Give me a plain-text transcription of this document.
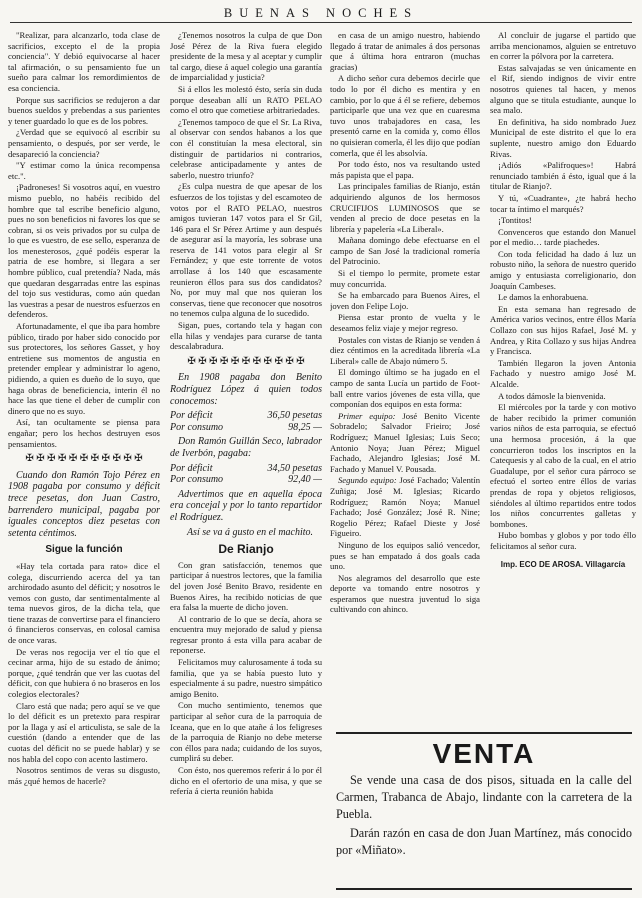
BUENAS NOCHES

"Realizar, para alcanzarlo, toda clase de sacrificios, excepto el de la propia conciencia". Y debió equivocarse al hacer tal afirmación, o su pensamiento fue un sueño para calmar los remordimientos de esa conciencia.

Porque sus sacrificios se redujeron a dar buenos sueldos y prebendas a sus parientes y tener guardado lo que es de los pobres.

¿Verdad que se equivocó al escribir su pensamiento, o después, por ser verde, le desapareció la conciencia?

"Y estimar como la única recompensa etc.".

¡Padroneses! Si vosotros aquí, en vuestro mismo pueblo, no habéis recibido del hombre que tal escribe beneficio alguno, pues no son beneficios ni favores los que se cobran, si os veis privados por su culpa de lo que es vuestro, de ese sello, esperanza de los menesterosos, ¿qué podéis esperar la patria de ese hombre, si llegara a ser hombre público, cual pretendía? Nada, más que quedaran desgarradas entre las espinas del tojo sus vestiduras, como aún quedan las vuestras a pesar de nuestros esfuerzos en defenderos.

Afortunadamente, el que iba para hombre público, tirado por haber sido conocido por sus protectores, los señores Gasset, y hoy entretiene sus momentos de angustia en pretender emplear y administrar lo ageno, pidiendo, a quien es dueño de lo suyo, que haga obras de beneficiencia, interin él no hace las que tiene el deber de cumplir con dinero que no es suyo.

Así, tan ocultamente se piensa para engañar; pero los hechos destruyen esos pensamientos.

✠ ✠ ✠ ✠ ✠ ✠ ✠ ✠ ✠ ✠ ✠

Cuando don Ramón Tojo Pérez en 1908 pagaba por consumo y déficit trece pesetas, don Juan Castro, barrendero municipal, pagaba por iguales conceptos diez pesetas con setenta céntimos.

Sigue la función

«Hay tela cortada para rato» dice el colega, discurriendo acerca del ya tan archirodado asunto del déficit; y nosotros le vemos con gusto, dar sentimentalmente al tema nuevos giros, de la dicha tela, que tiene trazas de convertirse para el financiero ó financieros conservas, en colosal camisa de once varas.

De veras nos regocija ver el tío que el cecinar arma, hijo de su estado de ánimo; porque, ¿qué tendrán que ver las cuotas del déficit, con que hubiera ó no braseros en los colegios electorales?

Claro está que nada; pero aquí se ve que lo del déficit es un pretexto para respirar por la llaga y así el articulista, se sale de la cuestión (dando a entender que de las cuotas del déficit no se puede hablar) y se nos habla del copo con acento lastimero.

Nosotros sentimos de veras su disgusto, más ¿qué hemos de hacerle?

¿Tenemos nosotros la culpa de que Don José Pérez de la Riva fuera elegido presidente de la mesa y al aceptar y cumplir tal cargo, diese á aquel colegio una garantía de imparcialidad y justicia?

Si á ellos les molestó ésto, sería sin duda porque deseaban allí un RATO PELAO como el otro que cometiese arbitrariedades.

¿Tenemos tampoco de que el Sr. La Riva, al observar con sendos habanos a los que con él constituían la mesa electoral, sin distinguir de partidarios ni contrarios, celebrase anticipadamente y antes de saberlo, nuestro triunfo?

¿Es culpa nuestra de que apesar de los esfuerzos de los tojistas y del escamoteo de votos por el RATO PELAO, nuestros amigos tuvieran 147 votos para el Sr Gil, 146 para el Sr Pérez Artime y aun después de asegurar así la mayoría, les sobrase una reserva de 141 votos para elegir al Sr Fernández; y que este torrente de votos arrollase á los 140 que escasamente reunieron éllos para sus dos candidatos? No, por muy mal que nos quieran los conservas, tiene que reconocer que nosotros no tenemos culpa alguna de lo sucedido.

Sigan, pues, cortando tela y hagan con ella hilas y vendajes para curarse de tanta descalabradura.

✠ ✠ ✠ ✠ ✠ ✠ ✠ ✠ ✠ ✠ ✠

En 1908 pagaba don Benito Rodríguez López á quien todos conocemos:

Por déficit	36,50 pesetas
Por consumo	98,25 —

Don Ramón Guillán Seco, labrador de Iverbón, pagaba:

Por déficit	34,50 pesetas
Por consumo	92,40 —

Advertimos que en aquella época era concejal y por lo tanto repartidor el Rodríguez.

Así se va á gusto en el machito.

De Rianjo

Con gran satisfacción, tenemos que participar á nuestros lectores, que la familia del joven José Benito Bravo, residente en Buenos Aires, ha recibido noticias de que era falsa la muerte de dicho joven.

Al contrario de lo que se decía, ahora se encuentra muy mejorado de salud y piensa regresar pronto á esta villa para acabar de reponerse.

Felicitamos muy calurosamente á toda su familia, que ya se había puesto luto y especialmente á su padre, nuestro simpático amigo Benito.

Con mucho sentimiento, tenemos que participar al señor cura de la parroquia de Iceana, que en lo que atañe á los feligreses de la parroquia de Rianjo no debe meterse con éllos para nada; cuidando de los suyos, cumplirá su deber.

Con ésto, nos queremos referir á lo por él dicho en el ofertorio de una misa, y que se refería á cierta reunión habida

en casa de un amigo nuestro, habiendo llegado á tratar de animales á dos personas que á última hora entraron (muchas gracias)

A dicho señor cura debemos decirle que todo lo por él dicho es mentira y en cambio, por lo que á él se refiere, debemos participarle que una vez que en cuaresma tuvo unos trabajadores en casa, les presentó carne en la comida y, como éllos no quisieran comerla, él les dijo que podían comerla, que él les absolvía.

Por todo ésto, nos va resultando usted más papista que el papa.

Las principales familias de Rianjo, están adquiriendo algunos de los hermosos CRUCIFIJOS LUMINOSOS que se venden al precio de doce pesetas en la librería y papelería «La Liberal».

Mañana domingo debe efectuarse en el campo de San José la tradicional romería del Patrocinio.

Si el tiempo lo permite, promete estar muy concurrida.

Se ha embarcado para Buenos Aires, el joven don Felipe Lojo.

Piensa estar pronto de vuelta y le deseamos feliz viaje y mejor regreso.

Postales con vistas de Rianjo se venden á diez céntimos en la acreditada librería «La Liberal» calle de Abajo número 5.

El domingo último se ha jugado en el campo de santa Lucía un partido de Foot-ball entre varios jóvenes de esta villa, que componían dos equipos en esta forma:

Primer equipo: José Benito Vicente Sobradelo; Salvador Frieiro; José Rodríguez; Manuel Iglesias; Luis Seco; Antonio Noya; Juan Pérez; Miguel Fachado, Alejandro Iglesias; José M. Fachado y Manuel V. Pousada.

Segundo equipo: José Fachado; Valentín Zuñiga; José M. Iglesias; Ricardo Rodríguez; Ramón Noya; Manuel Fachado; José González; José R. Nine; Rogelio Pérez; Rafael Dieste y José Figueiro.

Ninguno de los equipos salió vencedor, pues se han empatado á dos goals cada uno.

Nos alegramos del desarrollo que este deporte va tomando entre nosotros y esperamos que nuestra juventud lo siga cultivando con ahinco.

Al concluir de jugarse el partido que arriba mencionamos, alguien se entretuvo en correr la pólvora por la carretera.

Estas salvajadas se ven únicamente en el Rif, siendo indignos de vivir entre nosotros quienes tal hacen, y menos alguno que se titula estudiante, aunque lo sea malo.

En definitiva, ha sido nombrado Juez Municipal de este distrito el que lo era suplente, nuestro amigo don Eduardo Rivas.

¡Adiós «Palifroques»! Habrá renunciado también á ésto, igual que á la titular de Rianjo?.

Y tú, «Cuadrante», ¿te habrá hecho tocar ta íntimo el marqués?

¡Tontitos!

Convenceros que estando don Manuel por el medio… tarde piachedes.

Con toda felicidad ha dado á luz un robusto niño, la señora de nuestro querido amigo y entusiasta correligionario, don Joaquín Cambeses.

Le damos la enhorabuena.

En esta semana han regresado de América varios vecinos, entre éllos María Collazo con sus hijos Rafael, José M. y Andrea, y Rita Collazo y sus hijas Andrea y Francisca.

También llegaron la joven Antonia Fachado y nuestro amigo José M. Alcalde.

A todos dámosle la bienvenida.

El miércoles por la tarde y con motivo de haber recibido la primer comunión varios niños de esta parroquia, se efectuó una hermosa procesión, á la que concurrieron todos los inscriptos en la Catequesis y al cabo de la cual, en el atrio Guadalupe, por el señor cura párroco se efectuó el sorteo entre éllos de varias prendas de ropa y objetos religiosos, siéndoles al último repartidos entre todos los niños concurrentes galletas y bombones.

Hubo bombas y globos y por todo éllo felicitamos al señor cura.

Imp. ECO DE AROSA. Villagarcía

VENTA

Se vende una casa de dos pisos, situada en la calle del Carmen, Trabanca de Abajo, lindante con la carretera de la Puebla.

Darán razón en casa de don Juan Martínez, más conocido por «Miñato».
